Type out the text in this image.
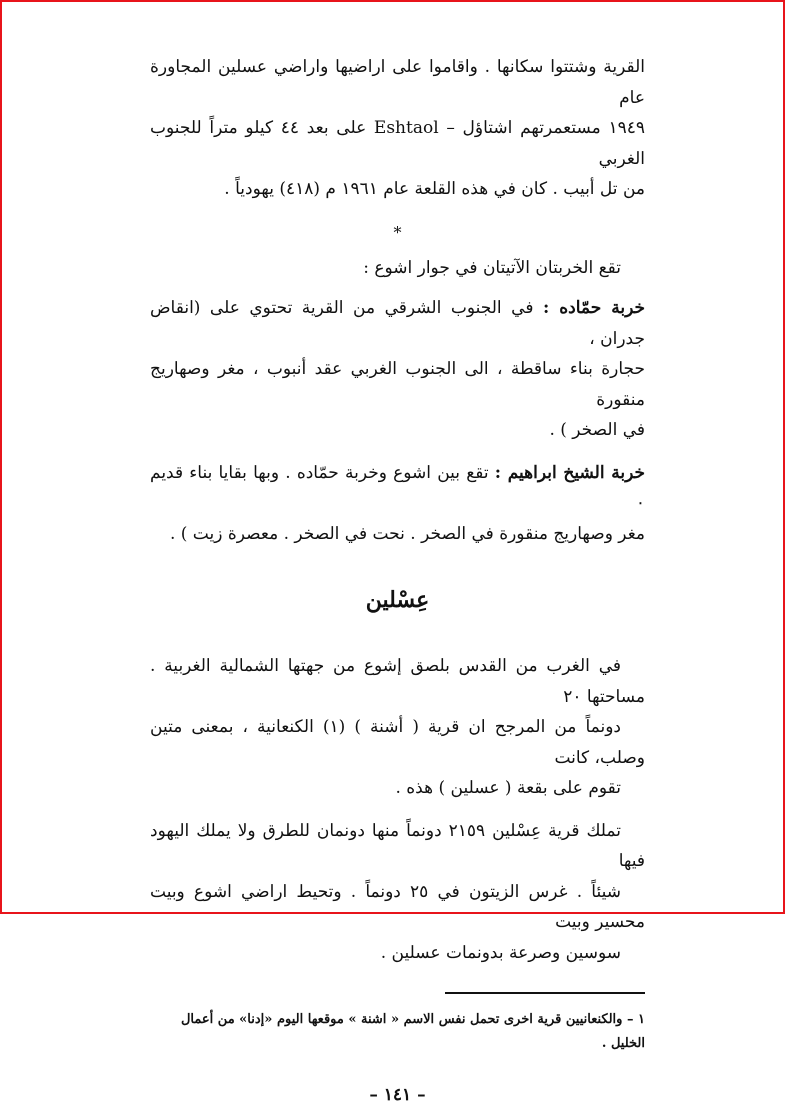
القرية وشتتوا سكانها . واقاموا على اراضيها واراضي عسلين المجاورة عام
١٩٤٩ مستعمرتهم اشتاؤل – Eshtaol على بعد ٤٤ كيلو متراً للجنوب الغربي
من تل أبيب . كان في هذه القلعة عام ١٩٦١ م (٤١٨) يهودياً .
*
تقع الخربتان الآتيتان في جوار اشوع :
خربة حمّاده : في الجنوب الشرقي من القرية تحتوي على (انقاض جدران ،
حجارة بناء ساقطة ، الى الجنوب الغربي عقد أنبوب ، مغر وصهاريج منقورة
في الصخر ) .
خربة الشيخ ابراهيم : تقع بين اشوع وخربة حمّاده . وبها بقايا بناء قديم ٠
مغر وصهاريج منقورة في الصخر . نحت في الصخر . معصرة زيت ) .
عِسْلين
في الغرب من القدس بلصق إشوع من جهتها الشمالية الغربية . مساحتها ٢٠
دونماً من المرجح ان قرية ( أشنة ) (١) الكنعانية ، بمعنى متين وصلب، كانت
تقوم على بقعة ( عسلين ) هذه .
تملك قرية عِسْلين ٢١٥٩ دونماً منها دونمان للطرق ولا يملك اليهود فيها
شيئاً . غرس الزيتون في ٢٥ دونماً . وتحيط اراضي اشوع وبيت محسير وبيت
سوسين وصرعة بدونمات عسلين .
١ – والكنعانيين قرية اخرى تحمل نفس الاسم « اشنة » موقعها اليوم «إدنا» من أعمال
الخليل .
– ١٤١ –
